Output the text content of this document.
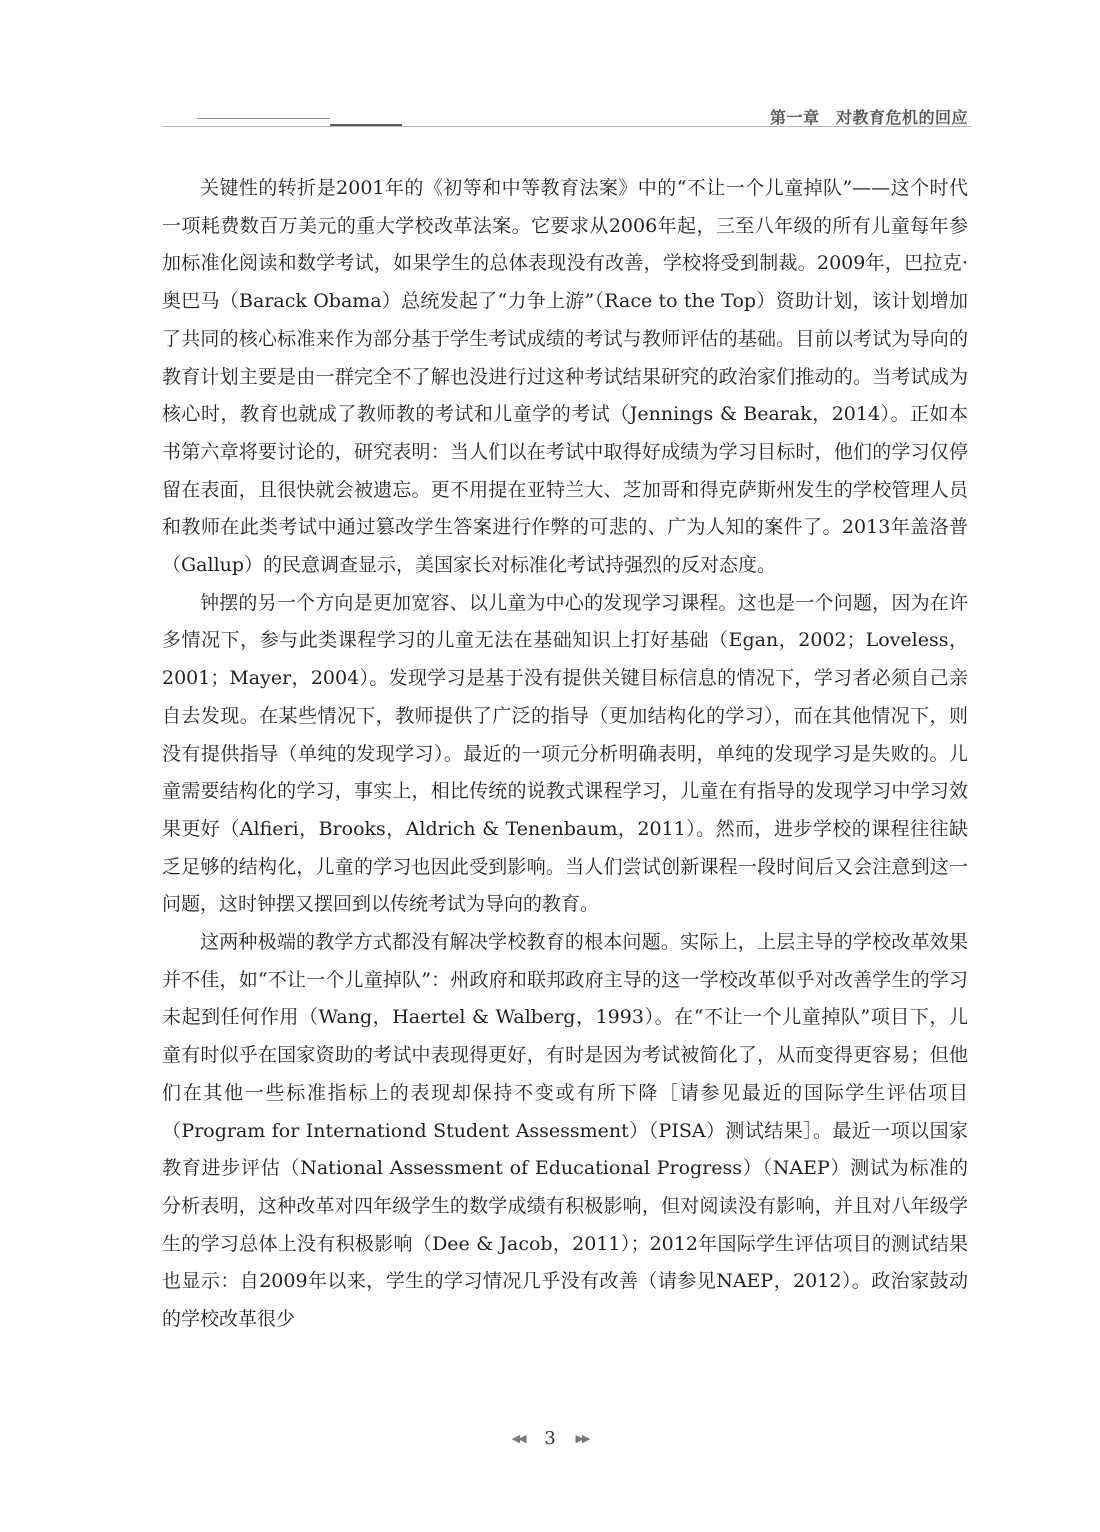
第一章　对教育危机的回应

关键性的转折是2001年的《初等和中等教育法案》中的“不让一个儿童掉队”——这个时代一项耗费数百万美元的重大学校改革法案。它要求从2006年起，三至八年级的所有儿童每年参加标准化阅读和数学考试，如果学生的总体表现没有改善，学校将受到制裁。2009年，巴拉克·奥巴马（Barack Obama）总统发起了“力争上游”（Race to the Top）资助计划，该计划增加了共同的核心标准来作为部分基于学生考试成绩的考试与教师评估的基础。目前以考试为导向的教育计划主要是由一群完全不了解也没进行过这种考试结果研究的政治家们推动的。当考试成为核心时，教育也就成了教师教的考试和儿童学的考试（Jennings & Bearak，2014）。正如本书第六章将要讨论的，研究表明：当人们以在考试中取得好成绩为学习目标时，他们的学习仅停留在表面，且很快就会被遗忘。更不用提在亚特兰大、芝加哥和得克萨斯州发生的学校管理人员和教师在此类考试中通过篡改学生答案进行作弊的可悲的、广为人知的案件了。2013年盖洛普（Gallup）的民意调查显示，美国家长对标准化考试持强烈的反对态度。

钟摆的另一个方向是更加宽容、以儿童为中心的发现学习课程。这也是一个问题，因为在许多情况下，参与此类课程学习的儿童无法在基础知识上打好基础（Egan，2002；Loveless，2001；Mayer，2004）。发现学习是基于没有提供关键目标信息的情况下，学习者必须自己亲自去发现。在某些情况下，教师提供了广泛的指导（更加结构化的学习），而在其他情况下，则没有提供指导（单纯的发现学习）。最近的一项元分析明确表明，单纯的发现学习是失败的。儿童需要结构化的学习，事实上，相比传统的说教式课程学习，儿童在有指导的发现学习中学习效果更好（Alfieri，Brooks，Aldrich & Tenenbaum，2011）。然而，进步学校的课程往往缺乏足够的结构化，儿童的学习也因此受到影响。当人们尝试创新课程一段时间后又会注意到这一问题，这时钟摆又摆回到以传统考试为导向的教育。

这两种极端的教学方式都没有解决学校教育的根本问题。实际上，上层主导的学校改革效果并不佳，如“不让一个儿童掉队”：州政府和联邦政府主导的这一学校改革似乎对改善学生的学习未起到任何作用（Wang，Haertel & Walberg，1993）。在“不让一个儿童掉队”项目下，儿童有时似乎在国家资助的考试中表现得更好，有时是因为考试被简化了，从而变得更容易；但他们在其他一些标准指标上的表现却保持不变或有所下降［请参见最近的国际学生评估项目（Program for Internationd Student Assessment）（PISA）测试结果］。最近一项以国家教育进步评估（National Assessment of Educational Progress）（NAEP）测试为标准的分析表明，这种改革对四年级学生的数学成绩有积极影响，但对阅读没有影响，并且对八年级学生的学习总体上没有积极影响（Dee & Jacob，2011）；2012年国际学生评估项目的测试结果也显示：自2009年以来，学生的学习情况几乎没有改善（请参见NAEP，2012）。政治家鼓动的学校改革很少

◀◀ 3 ▶▶
